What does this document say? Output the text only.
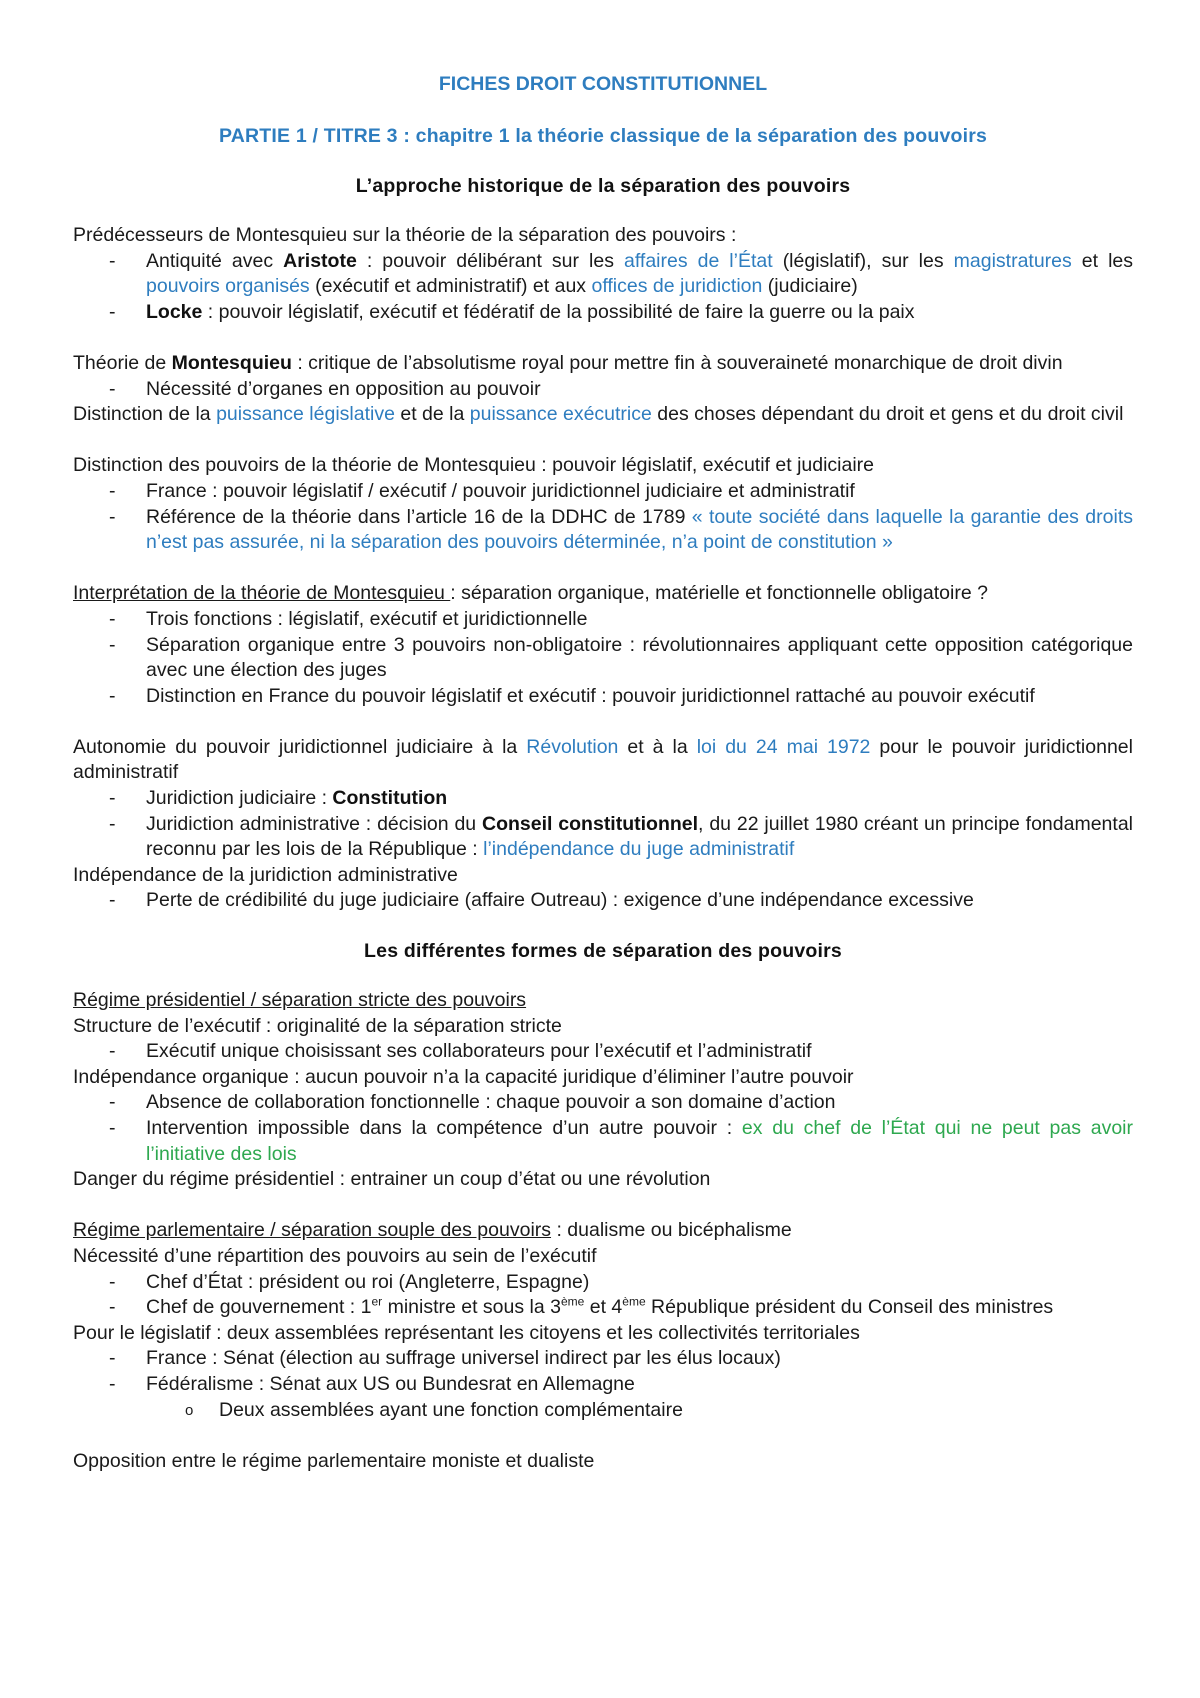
FICHES DROIT CONSTITUTIONNEL
PARTIE 1 / TITRE 3 : chapitre 1 la théorie classique de la séparation des pouvoirs
L’approche historique de la séparation des pouvoirs
Prédécesseurs de Montesquieu sur la théorie de la séparation des pouvoirs :
- Antiquité avec Aristote : pouvoir délibérant sur les affaires de l’État (législatif), sur les magistratures et les pouvoirs organisés (exécutif et administratif) et aux offices de juridiction (judiciaire)
- Locke : pouvoir législatif, exécutif et fédératif de la possibilité de faire la guerre ou la paix
Théorie de Montesquieu : critique de l’absolutisme royal pour mettre fin à souveraineté monarchique de droit divin
- Nécessité d’organes en opposition au pouvoir
Distinction de la puissance législative et de la puissance exécutrice des choses dépendant du droit et gens et du droit civil
Distinction des pouvoirs de la théorie de Montesquieu : pouvoir législatif, exécutif et judiciaire
- France : pouvoir législatif / exécutif / pouvoir juridictionnel judiciaire et administratif
- Référence de la théorie dans l’article 16 de la DDHC de 1789 « toute société dans laquelle la garantie des droits n’est pas assurée, ni la séparation des pouvoirs déterminée, n’a point de constitution »
Interprétation de la théorie de Montesquieu : séparation organique, matérielle et fonctionnelle obligatoire ?
- Trois fonctions : législatif, exécutif et juridictionnelle
- Séparation organique entre 3 pouvoirs non-obligatoire : révolutionnaires appliquant cette opposition catégorique avec une élection des juges
- Distinction en France du pouvoir législatif et exécutif : pouvoir juridictionnel rattaché au pouvoir exécutif
Autonomie du pouvoir juridictionnel judiciaire à la Révolution et à la loi du 24 mai 1972 pour le pouvoir juridictionnel administratif
- Juridiction judiciaire : Constitution
- Juridiction administrative : décision du Conseil constitutionnel, du 22 juillet 1980 créant un principe fondamental reconnu par les lois de la République : l’indépendance du juge administratif
Indépendance de la juridiction administrative
- Perte de crédibilité du juge judiciaire (affaire Outreau) : exigence d’une indépendance excessive
Les différentes formes de séparation des pouvoirs
Régime présidentiel / séparation stricte des pouvoirs
Structure de l’exécutif : originalité de la séparation stricte
- Exécutif unique choisissant ses collaborateurs pour l’exécutif et l’administratif
Indépendance organique : aucun pouvoir n’a la capacité juridique d’éliminer l’autre pouvoir
- Absence de collaboration fonctionnelle : chaque pouvoir a son domaine d’action
- Intervention impossible dans la compétence d’un autre pouvoir : ex du chef de l’État qui ne peut pas avoir l’initiative des lois
Danger du régime présidentiel : entrainer un coup d’état ou une révolution
Régime parlementaire / séparation souple des pouvoirs : dualisme ou bicéphalisme
Nécessité d’une répartition des pouvoirs au sein de l’exécutif
- Chef d’État : président ou roi (Angleterre, Espagne)
- Chef de gouvernement : 1er ministre et sous la 3ème et 4ème République président du Conseil des ministres
Pour le législatif : deux assemblées représentant les citoyens et les collectivités territoriales
- France : Sénat (élection au suffrage universel indirect par les élus locaux)
- Fédéralisme : Sénat aux US ou Bundesrat en Allemagne
o Deux assemblées ayant une fonction complémentaire
Opposition entre le régime parlementaire moniste et dualiste
